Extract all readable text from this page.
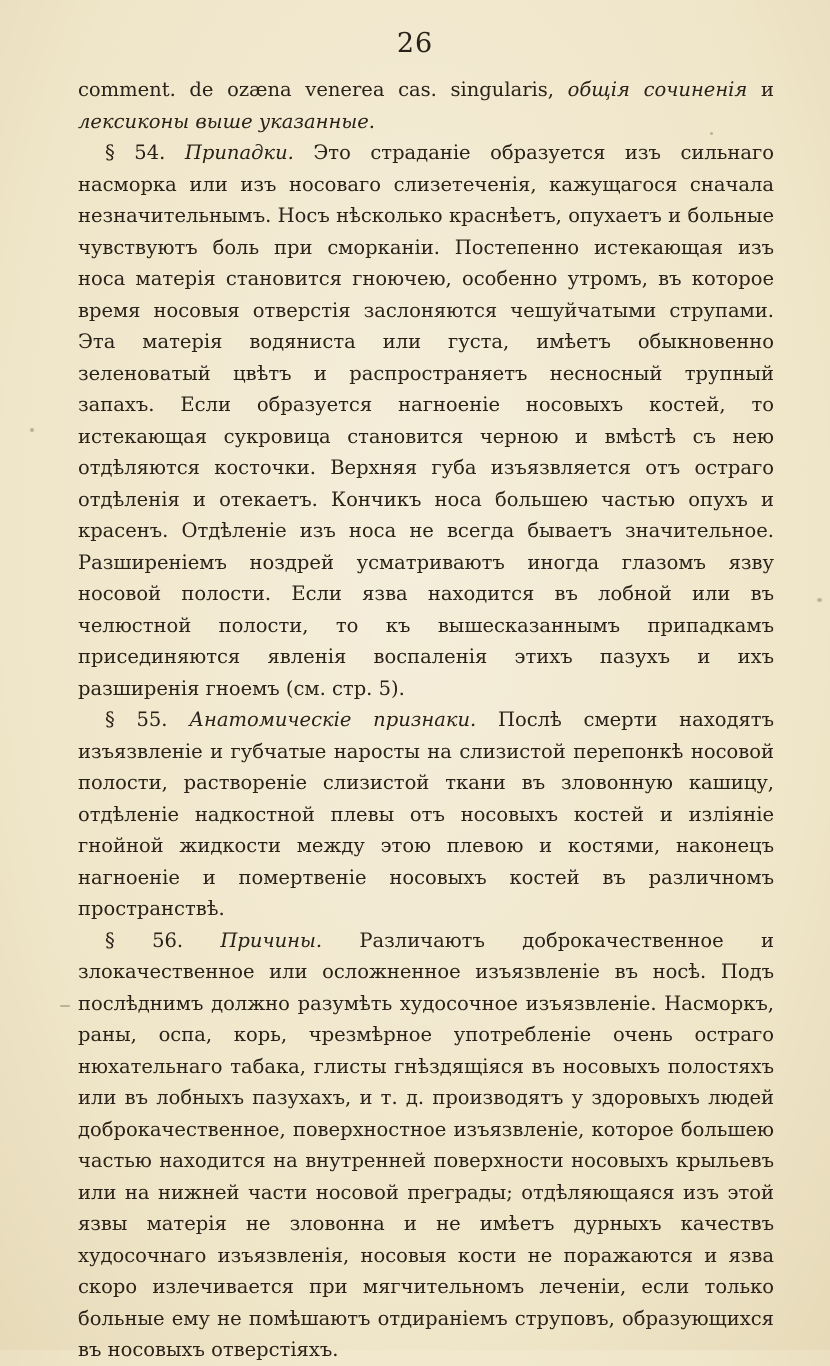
26

comment. de ozæna venerea cas. singularis, общія сочиненія и лексиконы выше указанные.

§ 54. Припадки. Это страданіе образуется изъ сильнаго насморка или изъ носоваго слизетеченія, кажущагося сначала незначительнымъ. Носъ нѣсколько краснѣетъ, опухаетъ и больные чувствуютъ боль при сморканіи. Постепенно истекающая изъ носа матерія становится гноючею, особенно утромъ, въ которое время носовыя отверстія заслоняются чешуйчатыми струпами. Эта матерія водяниста или густа, имѣетъ обыкновенно зеленоватый цвѣтъ и распространяетъ несносный трупный запахъ. Если образуется нагноеніе носовыхъ костей, то истекающая сукровица становится черною и вмѣстѣ съ нею отдѣляются косточки. Верхняя губа изъязвляется отъ остраго отдѣленія и отекаетъ. Кончикъ носа большею частью опухъ и красенъ. Отдѣленіе изъ носа не всегда бываетъ значительное. Разширеніемъ ноздрей усматриваютъ иногда глазомъ язву носовой полости. Если язва находится въ лобной или въ челюстной полости, то къ вышесказаннымъ припадкамъ присединяются явленія воспаленія этихъ пазухъ и ихъ разширенія гноемъ (см. стр. 5).

§ 55. Анатомическіе признаки. Послѣ смерти находятъ изъязвленіе и губчатые наросты на слизистой перепонкѣ носовой полости, раствореніе слизистой ткани въ зловонную кашицу, отдѣленіе надкостной плевы отъ носовыхъ костей и изліяніе гнойной жидкости между этою плевою и костями, наконецъ нагноеніе и помертвеніе носовыхъ костей въ различномъ пространствѣ.

§ 56. Причины. Различаютъ доброкачественное и злокачественное или осложненное изъязвленіе въ носѣ. Подъ послѣднимъ должно разумѣть худосочное изъязвленіе. Насморкъ, раны, оспа, корь, чрезмѣрное употребленіе очень остраго нюхательнаго табака, глисты гнѣздящіяся въ носовыхъ полостяхъ или въ лобныхъ пазухахъ, и т. д. производятъ у здоровыхъ людей доброкачественное, поверхностное изъязвленіе, которое большею частью находится на внутренней поверхности носовыхъ крыльевъ или на нижней части носовой преграды; отдѣляющаяся изъ этой язвы матерія не зловонна и не имѣетъ дурныхъ качествъ худосочнаго изъязвленія, носовыя кости не поражаются и язва скоро излечивается при мягчительномъ леченіи, если только больные ему не помѣшаютъ отдираніемъ струповъ, образующихся въ носовыхъ отверстіяхъ.
